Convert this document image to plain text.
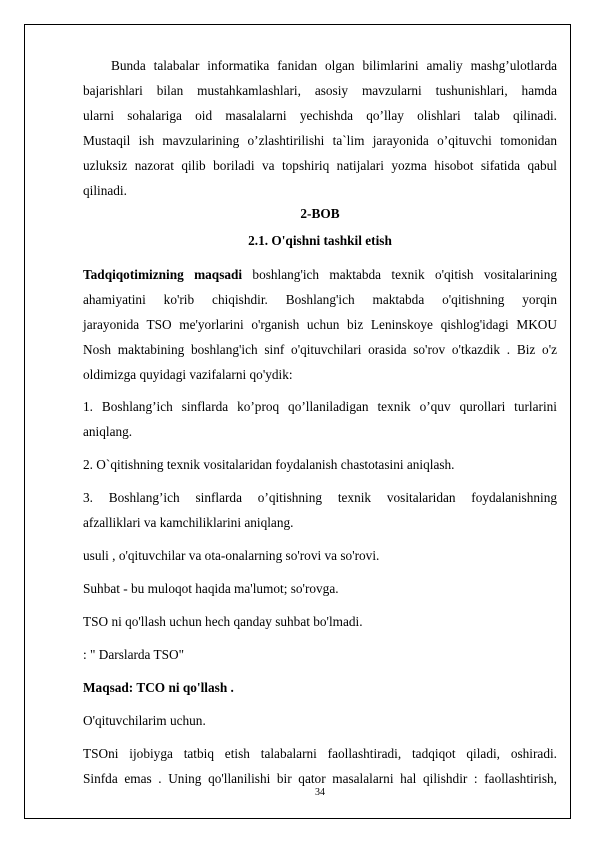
Bunda talabalar informatika fanidan olgan bilimlarini amaliy mashg’ulotlarda
bajarishlari bilan mustahkamlashlari, asosiy mavzularni tushunishlari, hamda
ularni sohalariga oid masalalarni yechishda qo’llay olishlari talab qilinadi.
Mustaqil ish mavzularining o’zlashtirilishi ta`lim jarayonida o’qituvchi tomonidan
uzluksiz nazorat qilib boriladi va topshiriq natijalari yozma hisobot sifatida qabul
qilinadi.
2-BOB
2.1. O'qishni tashkil etish
Tadqiqotimizning maqsadi boshlang'ich maktabda texnik o'qitish vositalarining
ahamiyatini ko'rib chiqishdir. Boshlang'ich maktabda o'qitishning yorqin
jarayonida TSO me'yorlarini o'rganish uchun biz Leninskoye qishlog'idagi MKOU
Nosh maktabining boshlang'ich sinf o'qituvchilari orasida so'rov o'tkazdik . Biz o'z
oldimizga quyidagi vazifalarni qo'ydik:
1. Boshlang’ich sinflarda ko’proq qo’llaniladigan texnik o’quv qurollari turlarini
aniqlang.
2. O`qitishning texnik vositalaridan foydalanish chastotasini aniqlash.
3. Boshlang’ich sinflarda o’qitishning texnik vositalaridan foydalanishning
afzalliklari va kamchiliklarini aniqlang.
usuli , o'qituvchilar va ota-onalarning so'rovi va so'rovi.
Suhbat - bu muloqot haqida ma'lumot; so'rovga.
TSO ni qo'llash uchun hech qanday suhbat bo'lmadi.
: " Darslarda TSO"
Maqsad: TCO ni qo'llash .
O'qituvchilarim uchun.
TSOni ijobiyga tatbiq etish talabalarni faollashtiradi, tadqiqot qiladi, oshiradi.
Sinfda emas . Uning qo'llanilishi bir qator masalalarni hal qilishdir : faollashtirish,
34
